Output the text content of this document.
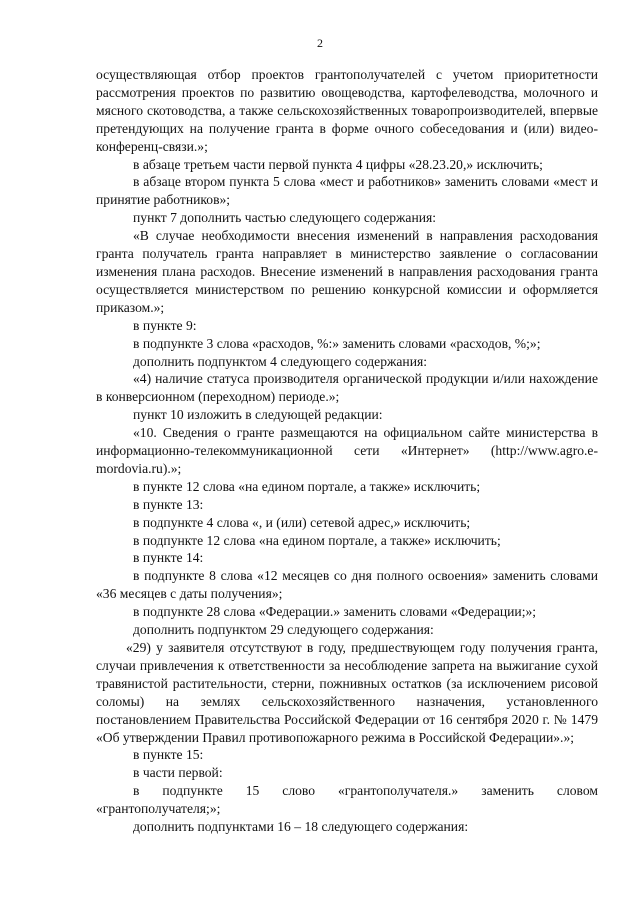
2

осуществляющая отбор проектов грантополучателей с учетом приоритетности рассмотрения проектов по развитию овощеводства, картофелеводства, молочного и мясного скотоводства, а также сельскохозяйственных товаропроизводителей, впервые претендующих на получение гранта в форме очного собеседования и (или) видео-конференц-связи.»;

в абзаце третьем части первой пункта 4 цифры «28.23.20,» исключить;

в абзаце втором пункта 5 слова «мест и работников» заменить словами «мест и принятие работников»;

пункт 7 дополнить частью следующего содержания:

«В случае необходимости внесения изменений в направления расходования гранта получатель гранта направляет в министерство заявление о согласовании изменения плана расходов. Внесение изменений в направления расходования гранта осуществляется министерством по решению конкурсной комиссии и оформляется приказом.»;

в пункте 9:

в подпункте 3 слова «расходов, %:» заменить словами «расходов, %;»;

дополнить подпунктом 4 следующего содержания:

«4) наличие статуса производителя органической продукции и/или нахождение в конверсионном (переходном) периоде.»;

пункт 10 изложить в следующей редакции:

«10. Сведения о гранте размещаются на официальном сайте министерства в информационно-телекоммуникационной сети «Интернет» (http://www.agro.e-mordovia.ru).»;

в пункте 12 слова «на едином портале, а также» исключить;

в пункте 13:

в подпункте 4 слова «, и (или) сетевой адрес,» исключить;

в подпункте 12 слова «на едином портале, а также» исключить;

в пункте 14:

в подпункте 8 слова «12 месяцев со дня полного освоения» заменить словами «36 месяцев с даты получения»;

в подпункте 28 слова «Федерации.» заменить словами «Федерации;»;

дополнить подпунктом 29 следующего содержания:

«29) у заявителя отсутствуют в году, предшествующем году получения гранта, случаи привлечения к ответственности за несоблюдение запрета на выжигание сухой травянистой растительности, стерни, пожнивных остатков (за исключением рисовой соломы) на землях сельскохозяйственного назначения, установленного постановлением Правительства Российской Федерации от 16 сентября 2020 г. № 1479 «Об утверждении Правил противопожарного режима в Российской Федерации».»;

в пункте 15:

в части первой:

в подпункте 15 слово «грантополучателя.» заменить словом «грантополучателя;»;

дополнить подпунктами 16 – 18 следующего содержания:
